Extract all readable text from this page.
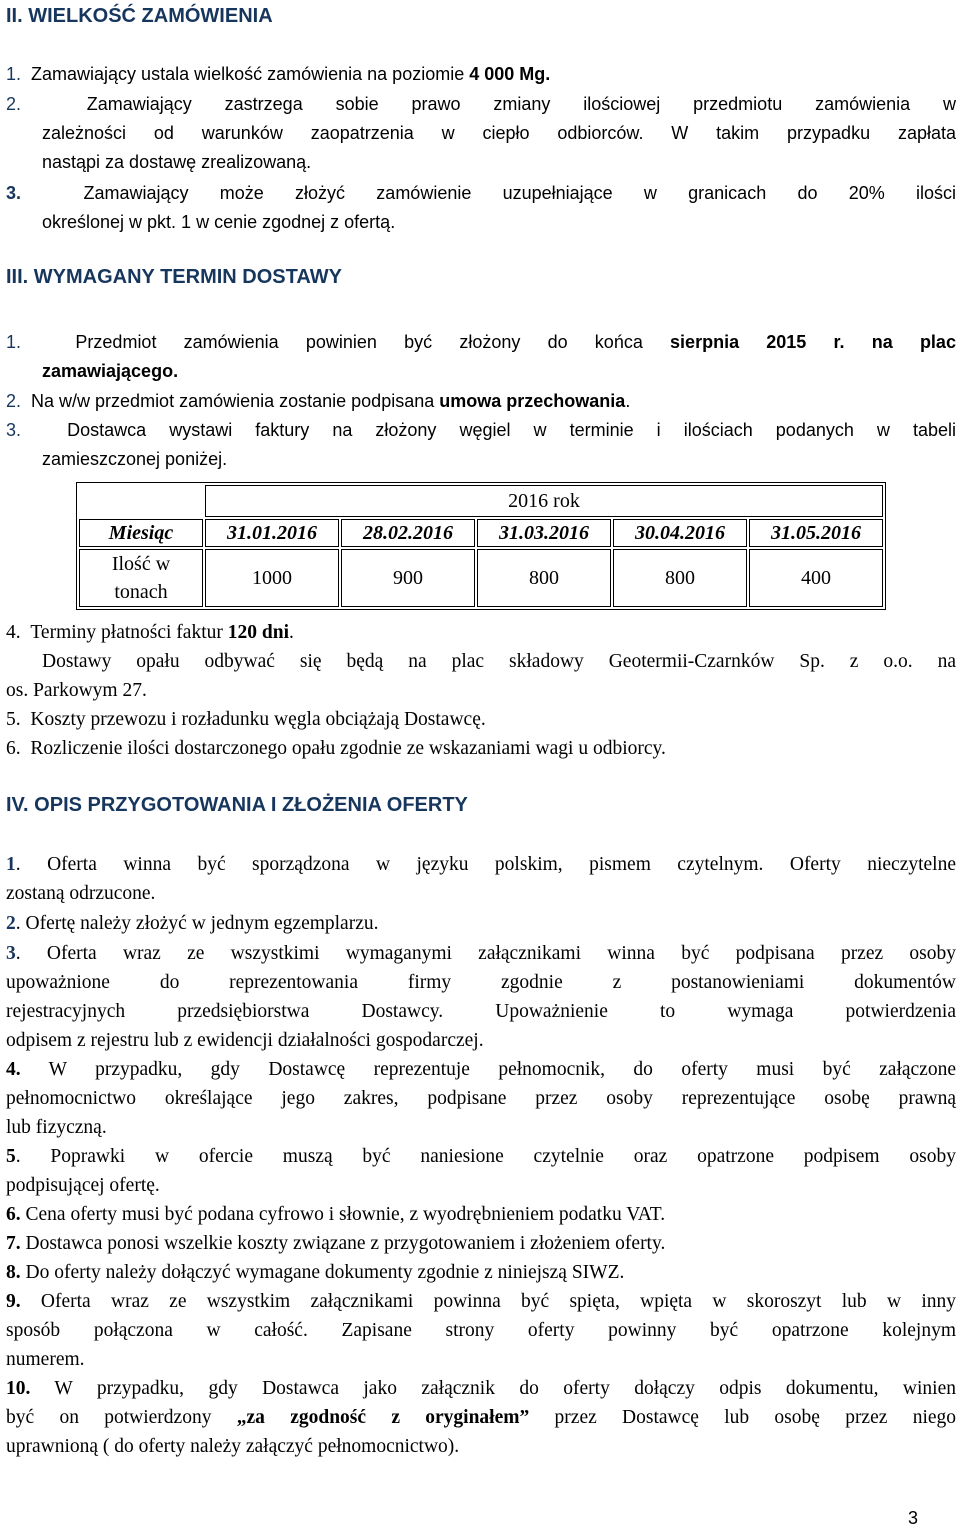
II. WIELKOŚĆ ZAMÓWIENIA
1. Zamawiający ustala wielkość zamówienia na poziomie 4 000 Mg.
2.	Zamawiający zastrzega sobie prawo zmiany ilościowej przedmiotu zamówienia w
zależności od warunków zaopatrzenia w ciepło odbiorców. W takim przypadku zapłata
nastąpi za dostawę zrealizowaną.
3.	Zamawiający może złożyć zamówienie uzupełniające w granicach do 20% ilości
określonej w pkt. 1 w cenie zgodnej z ofertą.
III. WYMAGANY TERMIN DOSTAWY
1.	Przedmiot zamówienia powinien być złożony do końca sierpnia 2015 r. na plac
zamawiającego.
2. Na w/w przedmiot zamówienia zostanie podpisana umowa przechowania.
3.	Dostawca wystawi faktury na złożony węgiel w terminie i ilościach podanych w tabeli
zamieszczonej poniżej.
	2016 rok				
Miesiąc	31.01.2016	28.02.2016	31.03.2016	30.04.2016	31.05.2016

Ilość w
tonach	1000	900	800	800	400
4. Terminy płatności faktur 120 dni.
Dostawy opału odbywać się będą na plac składowy Geotermii-Czarnków Sp. z o.o. na
os. Parkowym 27.
5. Koszty przewozu i rozładunku węgla obciążają Dostawcę.
6. Rozliczenie ilości dostarczonego opału zgodnie ze wskazaniami wagi u odbiorcy.
IV. OPIS PRZYGOTOWANIA I ZŁOŻENIA OFERTY
1. Oferta winna być sporządzona w języku polskim, pismem czytelnym. Oferty nieczytelne
zostaną odrzucone.
2. Ofertę należy złożyć w jednym egzemplarzu.
3. Oferta wraz ze wszystkimi wymaganymi załącznikami winna być podpisana przez osoby
upoważnione do reprezentowania firmy zgodnie z postanowieniami dokumentów
rejestracyjnych przedsiębiorstwa Dostawcy. Upoważnienie to wymaga potwierdzenia
odpisem z rejestru lub z ewidencji działalności gospodarczej.
4. W przypadku, gdy Dostawcę reprezentuje pełnomocnik, do oferty musi być załączone
pełnomocnictwo określające jego zakres, podpisane przez osoby reprezentujące osobę prawną
lub fizyczną.
5. Poprawki w ofercie muszą być naniesione czytelnie oraz opatrzone podpisem osoby
podpisującej ofertę.
6. Cena oferty musi być podana cyfrowo i słownie, z wyodrębnieniem podatku VAT.
7. Dostawca ponosi wszelkie koszty związane z przygotowaniem i złożeniem oferty.
8. Do oferty należy dołączyć wymagane dokumenty zgodnie z niniejszą SIWZ.
9. Oferta wraz ze wszystkim załącznikami powinna być spięta, wpięta w skoroszyt lub w inny
sposób połączona w całość. Zapisane strony oferty powinny być opatrzone kolejnym
numerem.
10. W przypadku, gdy Dostawca jako załącznik do oferty dołączy odpis dokumentu, winien
być on potwierdzony „za zgodność z oryginałem” przez Dostawcę lub osobę przez niego
uprawnioną ( do oferty należy załączyć pełnomocnictwo).
3
